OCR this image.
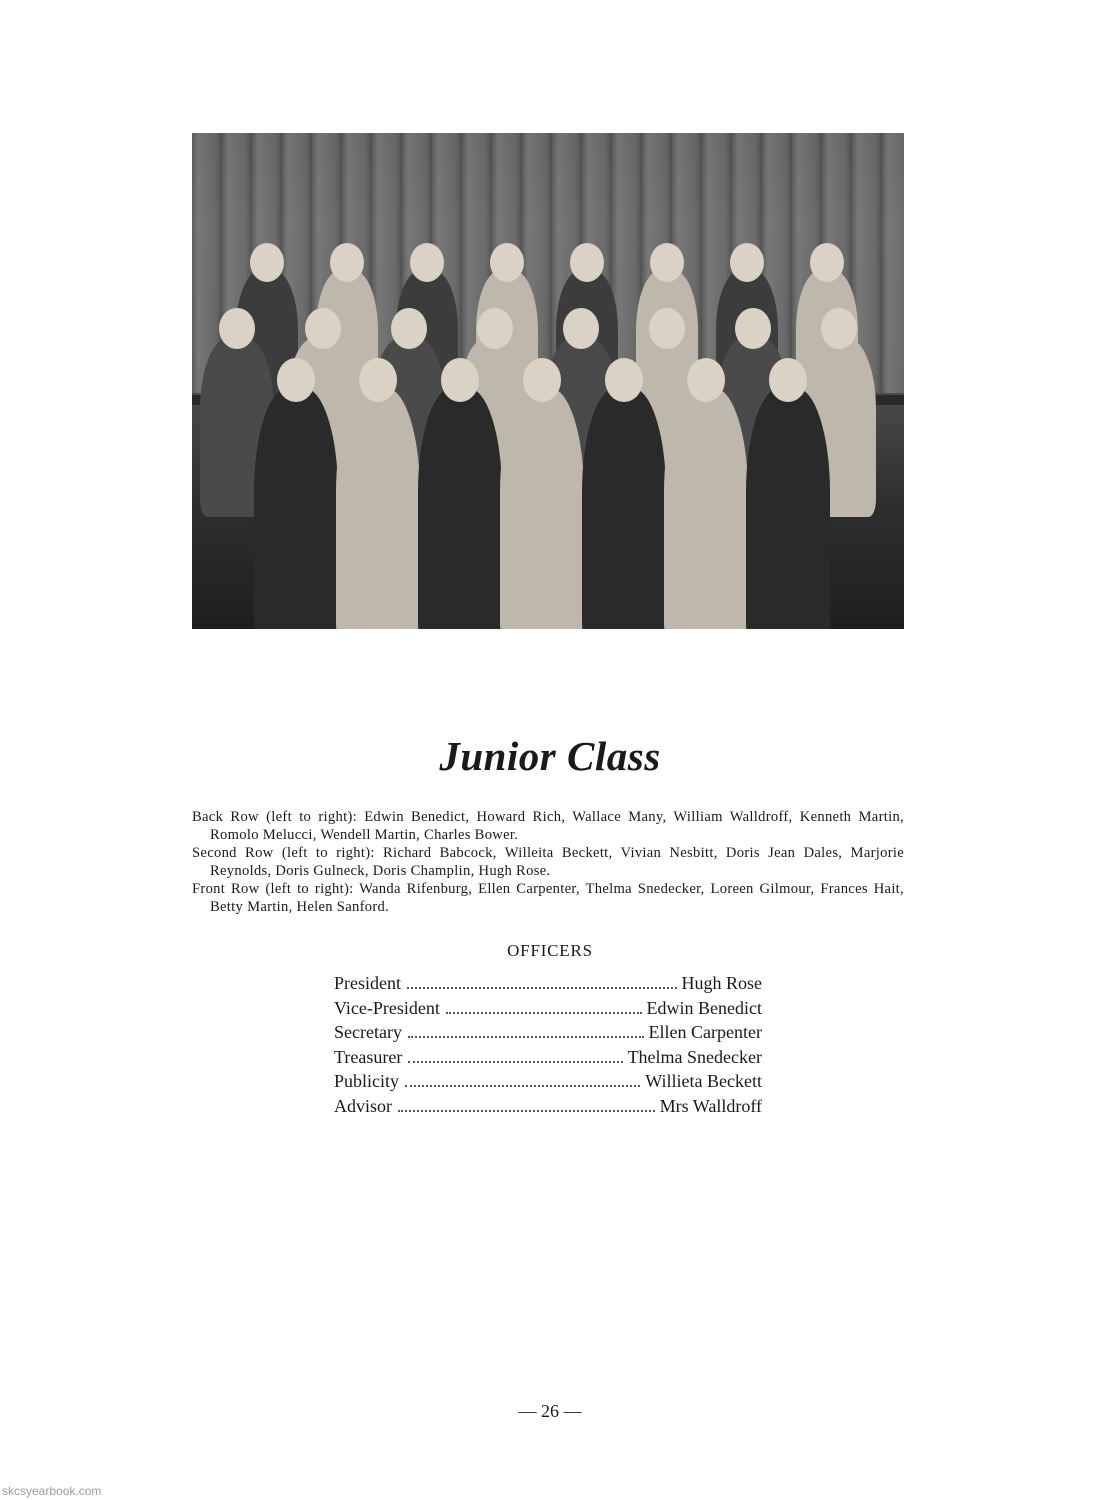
Junior Class

Back Row (left to right): Edwin Benedict, Howard Rich, Wallace Many, William Walldroff, Kenneth Martin, Romolo Melucci, Wendell Martin, Charles Bower.

Second Row (left to right): Richard Babcock, Willeita Beckett, Vivian Nesbitt, Doris Jean Dales, Marjorie Reynolds, Doris Gulneck, Doris Champlin, Hugh Rose.

Front Row (left to right): Wanda Rifenburg, Ellen Carpenter, Thelma Snedecker, Loreen Gilmour, Frances Hait, Betty Martin, Helen Sanford.

OFFICERS
President	Hugh Rose
Vice-President	Edwin Benedict
Secretary	Ellen Carpenter
Treasurer	Thelma Snedecker
Publicity	Willieta Beckett
Advisor	Mrs Walldroff
— 26 —
skcsyearbook.com
